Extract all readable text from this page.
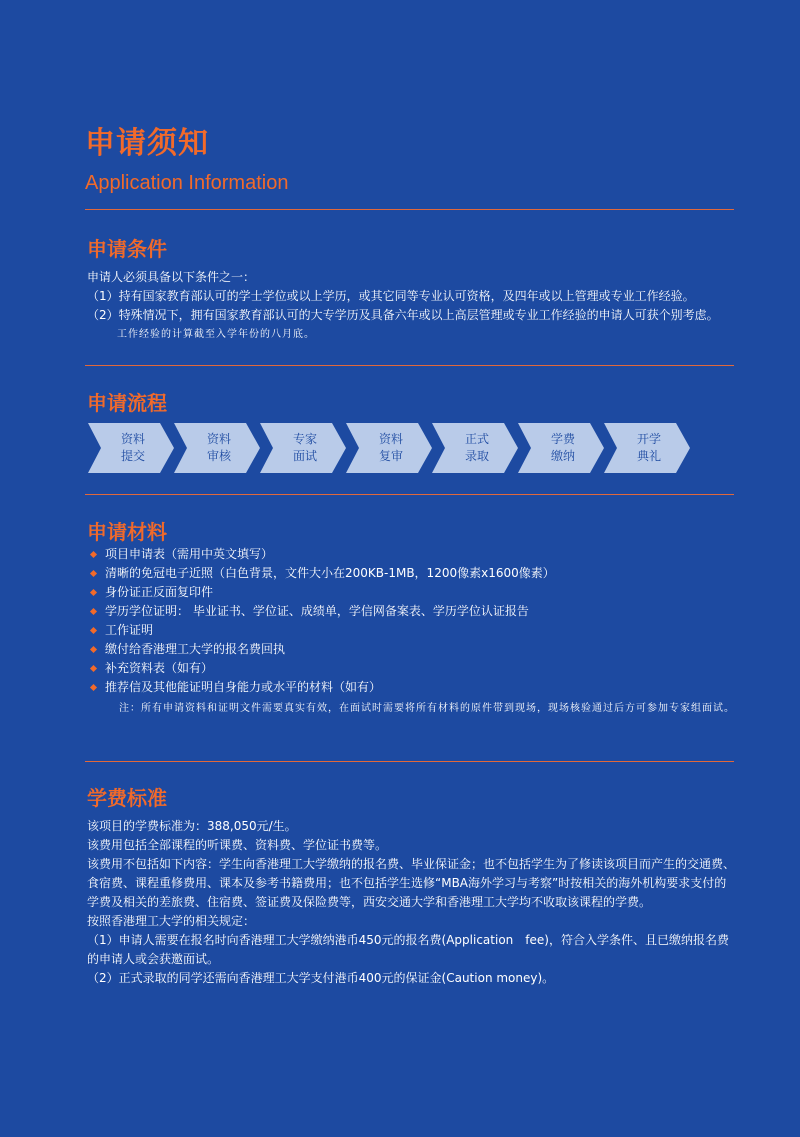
申请须知
Application Information
申请条件

申请人必须具备以下条件之一：

（1）持有国家教育部认可的学士学位或以上学历，或其它同等专业认可资格，及四年或以上管理或专业工作经验。

（2）特殊情况下，拥有国家教育部认可的大专学历及具备六年或以上高层管理或专业工作经验的申请人可获个别考虑。

工作经验的计算截至入学年份的八月底。

申请流程
资料
提交
资料
审核
专家
面试
资料
复审
正式
录取
学费
缴纳
开学
典礼
申请材料
项目申请表（需用中英文填写）
清晰的免冠电子近照（白色背景，文件大小在200KB-1MB，1200像素x1600像素）
身份证正反面复印件
学历学位证明： 毕业证书、学位证、成绩单，学信网备案表、学历学位认证报告
工作证明
缴付给香港理工大学的报名费回执
补充资料表（如有）
推荐信及其他能证明自身能力或水平的材料（如有）

注：所有申请资料和证明文件需要真实有效，在面试时需要将所有材料的原件带到现场，现场核验通过后方可参加专家组面试。

学费标准

该项目的学费标准为：388,050元/生。

该费用包括全部课程的听课费、资料费、学位证书费等。

该费用不包括如下内容：学生向香港理工大学缴纳的报名费、毕业保证金；也不包括学生为了修读该项目而产生的交通费、食宿费、课程重修费用、课本及参考书籍费用；也不包括学生选修“MBA海外学习与考察”时按相关的海外机构要求支付的学费及相关的差旅费、住宿费、签证费及保险费等，西安交通大学和香港理工大学均不收取该课程的学费。

按照香港理工大学的相关规定：

（1）申请人需要在报名时向香港理工大学缴纳港币450元的报名费(Application　fee)，符合入学条件、且已缴纳报名费的申请人或会获邀面试。

（2）正式录取的同学还需向香港理工大学支付港币400元的保证金(Caution money)。
